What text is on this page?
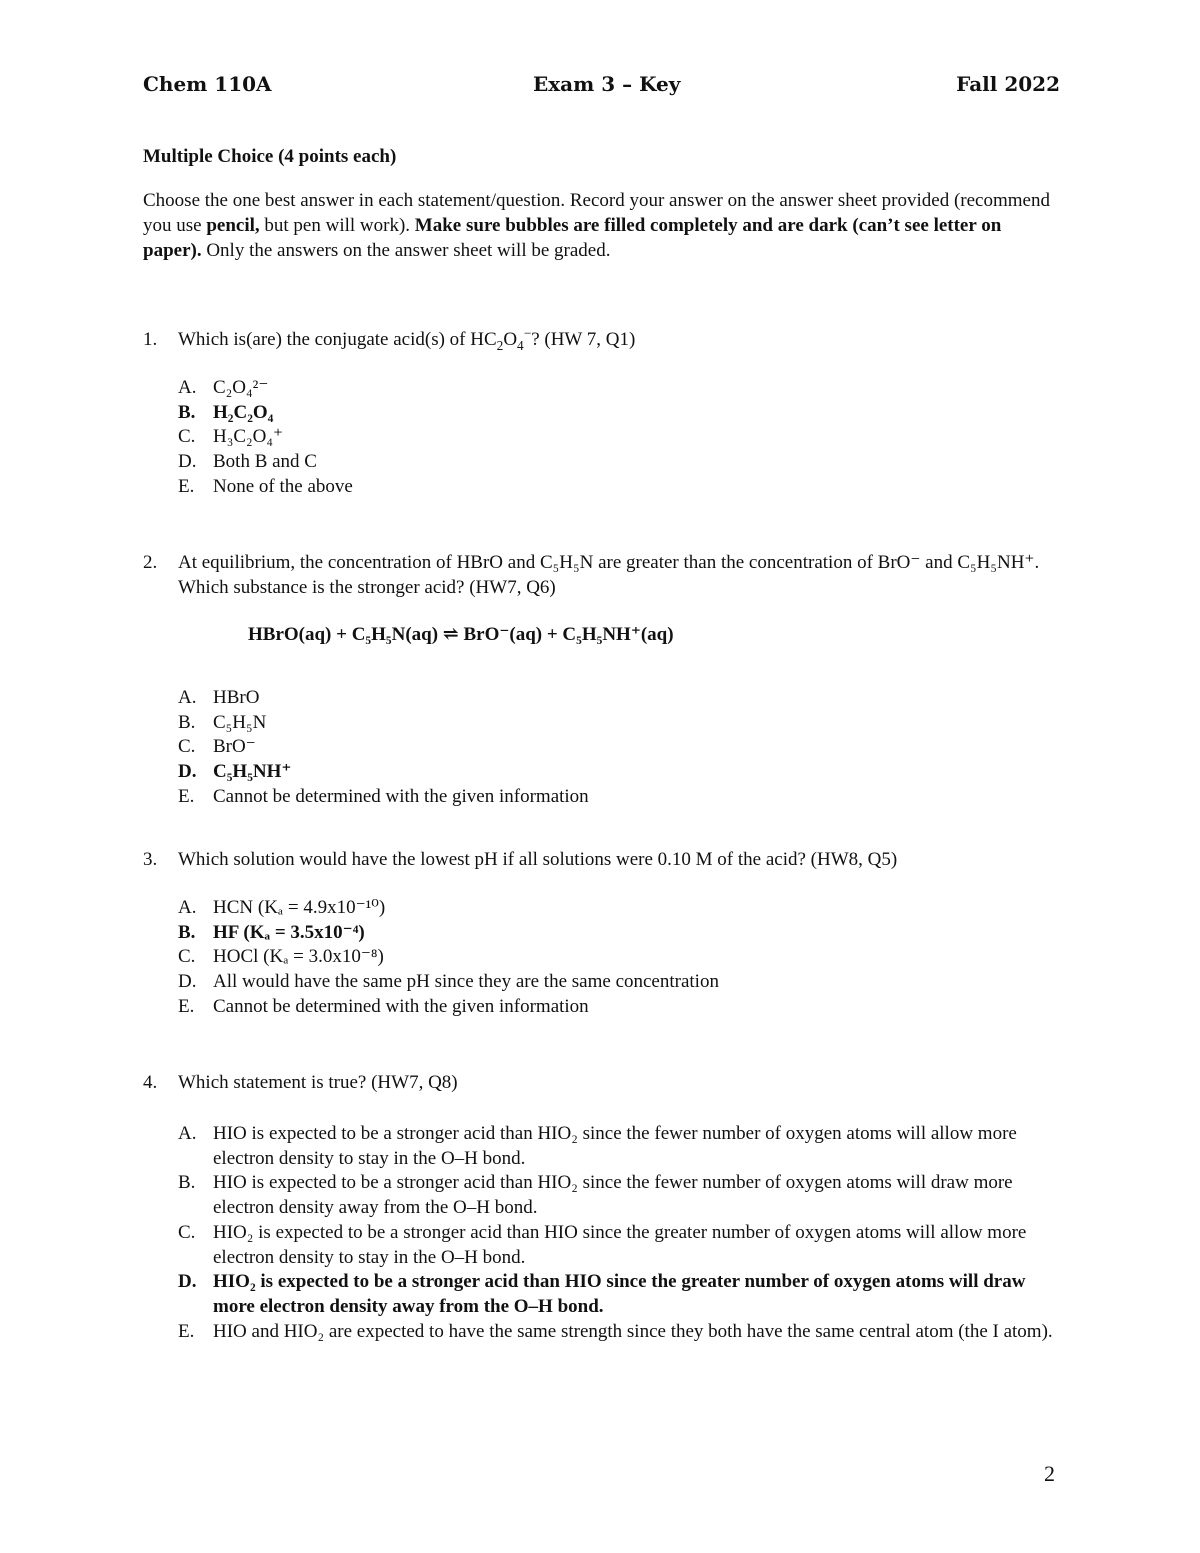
Chem 110A	Exam 3 – Key	Fall 2022
Multiple Choice (4 points each)
Choose the one best answer in each statement/question. Record your answer on the answer sheet provided (recommend you use pencil, but pen will work). Make sure bubbles are filled completely and are dark (can’t see letter on paper). Only the answers on the answer sheet will be graded.
1. Which is(are) the conjugate acid(s) of $HC_2O_4^-$? (HW 7, Q1)
A. C₂O₄²⁻
B. H₂C₂O₄
C. H₃C₂O₄⁺
D. Both B and C
E. None of the above
2. At equilibrium, the concentration of HBrO and C₅H₅N are greater than the concentration of BrO⁻ and C₅H₅NH⁺. Which substance is the stronger acid? (HW7, Q6)
A. HBrO
B. C₅H₅N
C. BrO⁻
D. C₅H₅NH⁺
E. Cannot be determined with the given information
HBrO(aq) + C₅H₅N(aq) ⇌ BrO⁻(aq) + C₅H₅NH⁺(aq)
3. Which solution would have the lowest pH if all solutions were 0.10 M of the acid? (HW8, Q5)
A. HCN (Kₐ = 4.9x10⁻¹⁰)
B. HF (Kₐ = 3.5x10⁻⁴)
C. HOCl (Kₐ = 3.0x10⁻⁸)
D. All would have the same pH since they are the same concentration
E. Cannot be determined with the given information
4. Which statement is true? (HW7, Q8)
A. HIO is expected to be a stronger acid than HIO₂ since the fewer number of oxygen atoms will allow more electron density to stay in the O–H bond.
B. HIO is expected to be a stronger acid than HIO₂ since the fewer number of oxygen atoms will draw more electron density away from the O–H bond.
C. HIO₂ is expected to be a stronger acid than HIO since the greater number of oxygen atoms will allow more electron density to stay in the O–H bond.
D. HIO₂ is expected to be a stronger acid than HIO since the greater number of oxygen atoms will draw more electron density away from the O–H bond.
E. HIO and HIO₂ are expected to have the same strength since they both have the same central atom (the I atom).
2
